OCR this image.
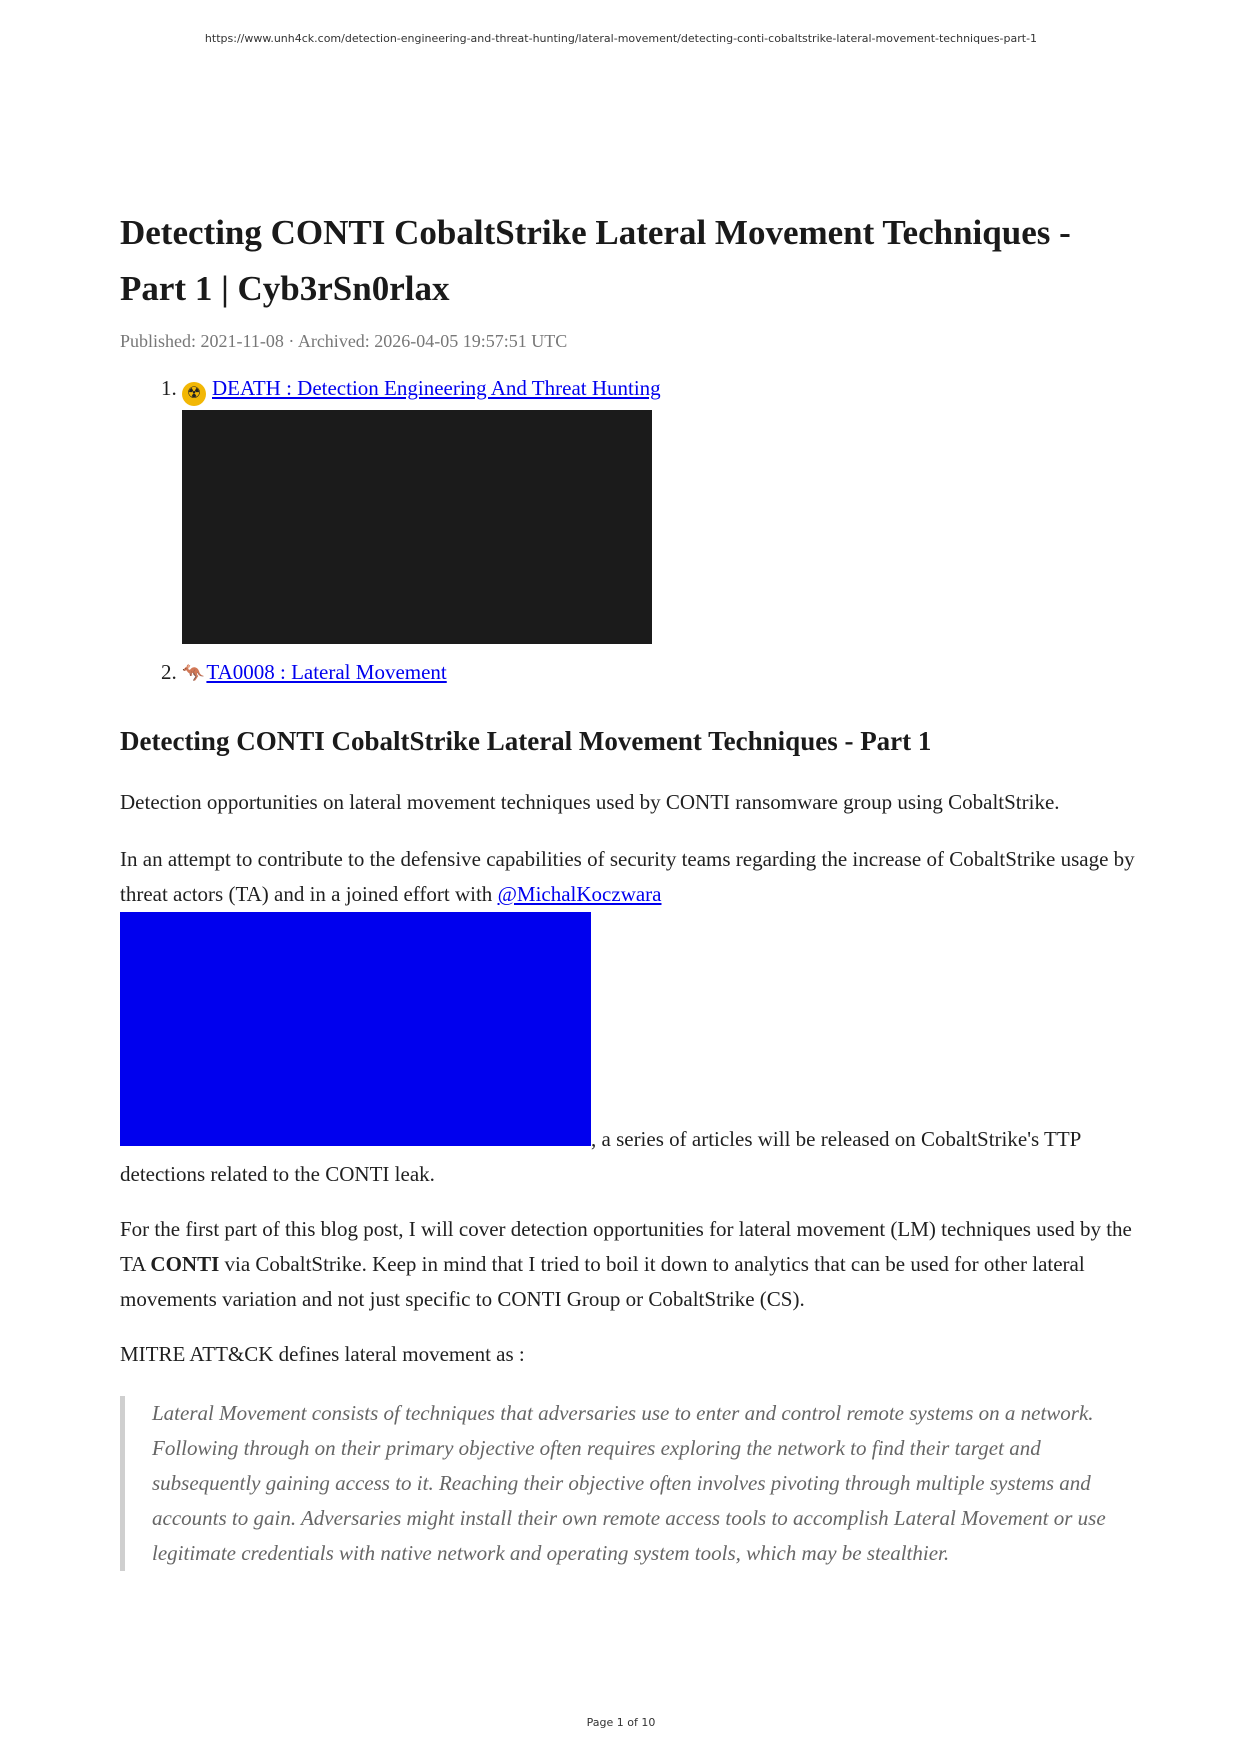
https://www.unh4ck.com/detection-engineering-and-threat-hunting/lateral-movement/detecting-conti-cobaltstrike-lateral-movement-techniques-part-1
Detecting CONTI CobaltStrike Lateral Movement Techniques - Part 1 | Cyb3rSn0rlax
Published: 2021-11-08 · Archived: 2026-04-05 19:57:51 UTC
1. ☢ DEATH : Detection Engineering And Threat Hunting
2. 🦘TA0008 : Lateral Movement
Detecting CONTI CobaltStrike Lateral Movement Techniques - Part 1

Detection opportunities on lateral movement techniques used by CONTI ransomware group using CobaltStrike.

In an attempt to contribute to the defensive capabilities of security teams regarding the increase of CobaltStrike usage by threat actors (TA) and in a joined effort with @MichalKoczwara
, a series of articles will be released on CobaltStrike's TTP detections related to the CONTI leak.

For the first part of this blog post, I will cover detection opportunities for lateral movement (LM) techniques used by the TA CONTI via CobaltStrike. Keep in mind that I tried to boil it down to analytics that can be used for other lateral movements variation and not just specific to CONTI Group or CobaltStrike (CS).

MITRE ATT&CK defines lateral movement as :

Lateral Movement consists of techniques that adversaries use to enter and control remote systems on a network. Following through on their primary objective often requires exploring the network to find their target and subsequently gaining access to it. Reaching their objective often involves pivoting through multiple systems and accounts to gain. Adversaries might install their own remote access tools to accomplish Lateral Movement or use legitimate credentials with native network and operating system tools, which may be stealthier.
Page 1 of 10
